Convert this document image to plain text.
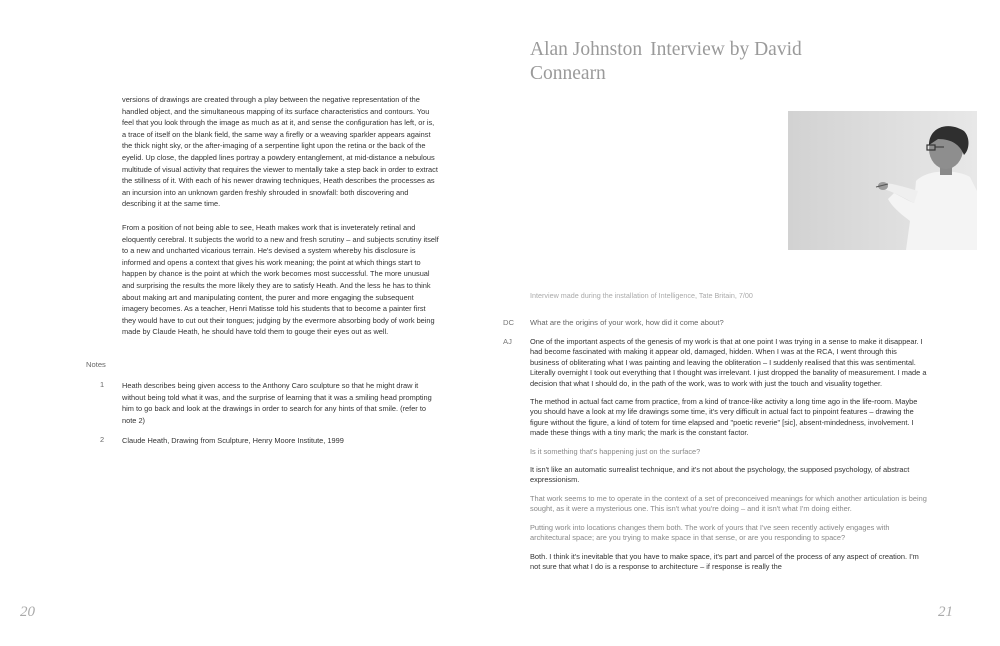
versions of drawings are created through a play between the negative representation of the handled object, and the simultaneous mapping of its surface characteristics and contours. You feel that you look through the image as much as at it, and sense the configuration has left, or is, a trace of itself on the blank field, the same way a firefly or a weaving sparkler appears against the thick night sky, or the after-imaging of a serpentine light upon the retina or the back of the eyelid. Up close, the dappled lines portray a powdery entanglement, at mid-distance a nebulous multitude of visual activity that requires the viewer to mentally take a step back in order to extract the stillness of it. With each of his newer drawing techniques, Heath describes the processes as an incursion into an unknown garden freshly shrouded in snowfall: both discovering and describing it at the same time.

From a position of not being able to see, Heath makes work that is inveterately retinal and eloquently cerebral. It subjects the world to a new and fresh scrutiny – and subjects scrutiny itself to a new and uncharted vicarious terrain. He's devised a system whereby his disclosure is informed and opens a context that gives his work meaning; the point at which things start to happen by chance is the point at which the work becomes most successful. The more unusual and surprising the results the more likely they are to satisfy Heath. And the less he has to think about making art and manipulating content, the purer and more engaging the subsequent imagery becomes. As a teacher, Henri Matisse told his students that to become a painter first they would have to cut out their tongues; judging by the evermore absorbing body of work being made by Claude Heath, he should have told them to gouge their eyes out as well.

Notes
1	Heath describes being given access to the Anthony Caro sculpture so that he might draw it without being told what it was, and the surprise of learning that it was a smiling head prompting him to go back and look at the drawings in order to search for any hints of that smile. (refer to note 2)
2	Claude Heath, Drawing from Sculpture, Henry Moore Institute, 1999
20
Alan Johnston Interview by David Connearn
Interview made during the installation of Intelligence, Tate Britain, 7/00
DC What are the origins of your work, how did it come about?
AJ One of the important aspects of the genesis of my work is that at one point I was trying in a sense to make it disappear. I had become fascinated with making it appear old, damaged, hidden. When I was at the RCA, I went through this business of obliterating what I was painting and leaving the obliteration – I suddenly realised that this was sentimental. Literally overnight I took out everything that I thought was irrelevant. I just dropped the banality of measurement. I made a decision that what I should do, in the path of the work, was to work with just the touch and visuality together.

The method in actual fact came from practice, from a kind of trance-like activity a long time ago in the life-room. Maybe you should have a look at my life drawings some time, it's very difficult in actual fact to pinpoint features – drawing the figure without the figure, a kind of totem for time elapsed and "poetic reverie" [sic], absent-mindedness, involvement. I made these things with a tiny mark; the mark is the constant factor.

Is it something that's happening just on the surface?

It isn't like an automatic surrealist technique, and it's not about the psychology, the supposed psychology, of abstract expressionism.

That work seems to me to operate in the context of a set of preconceived meanings for which another articulation is being sought, as it were a mysterious one. This isn't what you're doing – and it isn't what I'm doing either.

Putting work into locations changes them both. The work of yours that I've seen recently actively engages with architectural space; are you trying to make space in that sense, or are you responding to space?

Both. I think it's inevitable that you have to make space, it's part and parcel of the process of any aspect of creation. I'm not sure that what I do is a response to architecture – if response is really the

21
